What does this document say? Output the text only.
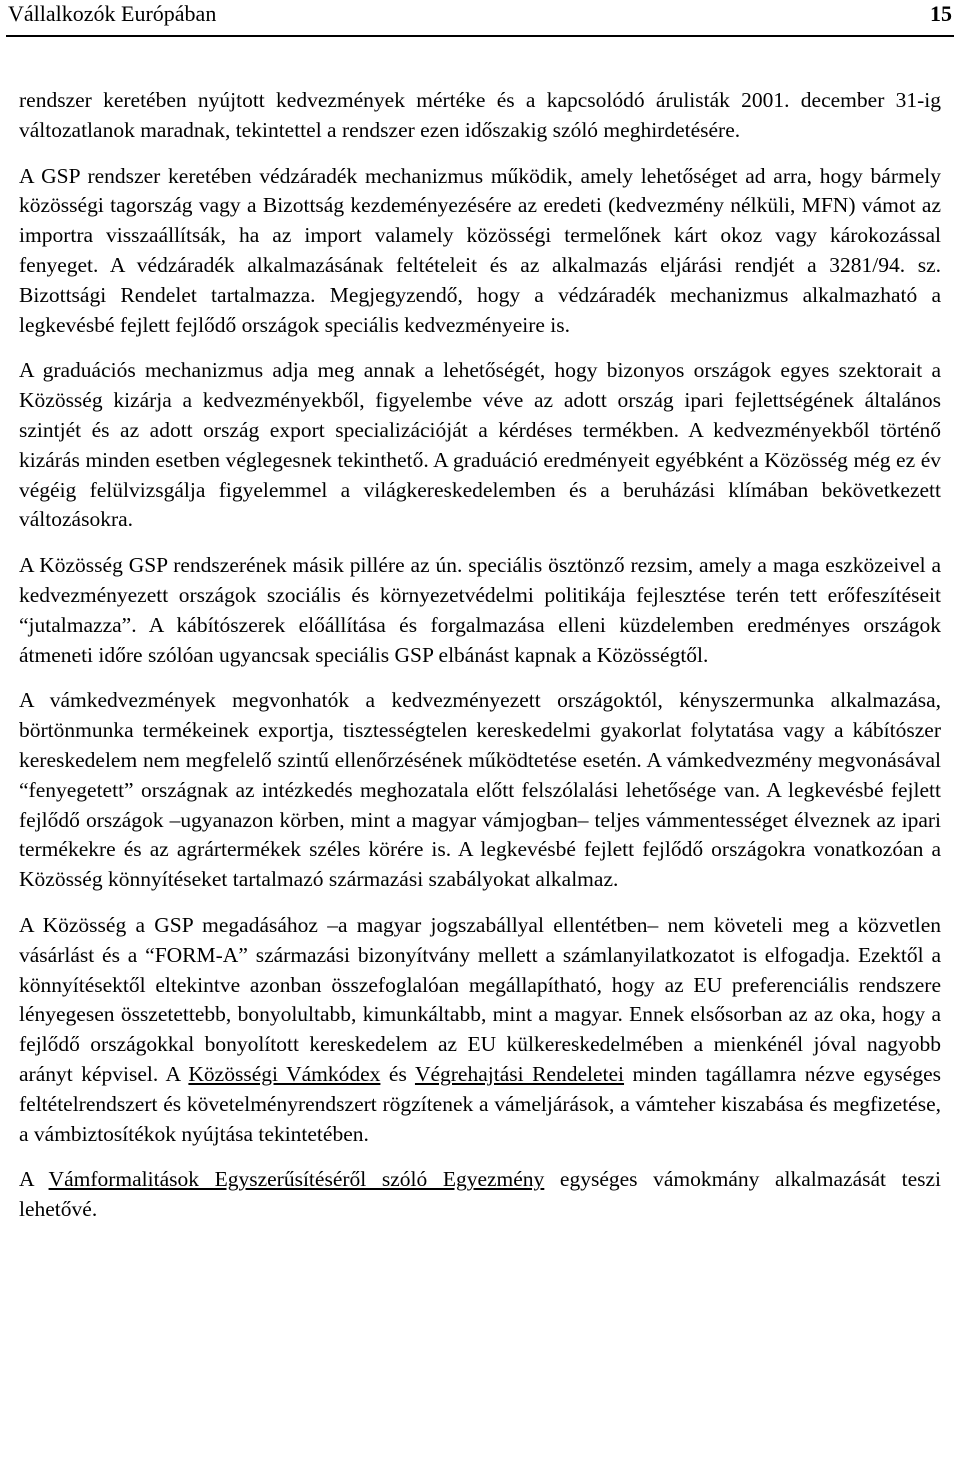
Vállalkozók Európában	15

rendszer keretében nyújtott kedvezmények mértéke és a kapcsolódó árulisták 2001. december 31-ig változatlanok maradnak, tekintettel a rendszer ezen időszakig szóló meghirdetésére.

A GSP rendszer keretében védzáradék mechanizmus működik, amely lehetőséget ad arra, hogy bármely közösségi tagország vagy a Bizottság kezdeményezésére az eredeti (kedvezmény nélküli, MFN) vámot az importra visszaállítsák, ha az import valamely közösségi termelőnek kárt okoz vagy károkozással fenyeget. A védzáradék alkalmazásának feltételeit és az alkalmazás eljárási rendjét a 3281/94. sz. Bizottsági Rendelet tartalmazza. Megjegyzendő, hogy a védzáradék mechanizmus alkalmazható a legkevésbé fejlett fejlődő országok speciális kedvezményeire is.

A graduációs mechanizmus adja meg annak a lehetőségét, hogy bizonyos országok egyes szektorait a Közösség kizárja a kedvezményekből, figyelembe véve az adott ország ipari fejlettségének általános szintjét és az adott ország export specializációját a kérdéses termékben. A kedvezményekből történő kizárás minden esetben véglegesnek tekinthető. A graduáció eredményeit egyébként a Közösség még ez év végéig felülvizsgálja figyelemmel a világkereskedelemben és a beruházási klímában bekövetkezett változásokra.

A Közösség GSP rendszerének másik pillére az ún. speciális ösztönző rezsim, amely a maga eszközeivel a kedvezményezett országok szociális és környezetvédelmi politikája fejlesztése terén tett erőfeszítéseit “jutalmazza”. A kábítószerek előállítása és forgalmazása elleni küzdelemben eredményes országok átmeneti időre szólóan ugyancsak speciális GSP elbánást kapnak a Közösségtől.

A vámkedvezmények megvonhatók a kedvezményezett országoktól, kényszermunka alkalmazása, börtönmunka termékeinek exportja, tisztességtelen kereskedelmi gyakorlat folytatása vagy a kábítószer kereskedelem nem megfelelő szintű ellenőrzésének működtetése esetén. A vámkedvezmény megvonásával “fenyegetett” országnak az intézkedés meghozatala előtt felszólalási lehetősége van. A legkevésbé fejlett fejlődő országok –ugyanazon körben, mint a magyar vámjogban– teljes vámmentességet élveznek az ipari termékekre és az agrártermékek széles körére is. A legkevésbé fejlett fejlődő országokra vonatkozóan a Közösség könnyítéseket tartalmazó származási szabályokat alkalmaz.

A Közösség a GSP megadásához –a magyar jogszabállyal ellentétben– nem követeli meg a közvetlen vásárlást és a “FORM-A” származási bizonyítvány mellett a számlanyilatkozatot is elfogadja. Ezektől a könnyítésektől eltekintve azonban összefoglalóan megállapítható, hogy az EU preferenciális rendszere lényegesen összetettebb, bonyolultabb, kimunkáltabb, mint a magyar. Ennek elsősorban az az oka, hogy a fejlődő országokkal bonyolított kereskedelem az EU külkereskedelmében a mienkénél jóval nagyobb arányt képvisel. A Közösségi Vámkódex és Végrehajtási Rendeletei minden tagállamra nézve egységes feltételrendszert és követelményrendszert rögzítenek a vámeljárások, a vámteher kiszabása és megfizetése, a vámbiztosítékok nyújtása tekintetében.

A Vámformalitások Egyszerűsítéséről szóló Egyezmény egységes vámokmány alkalmazását teszi lehetővé.
